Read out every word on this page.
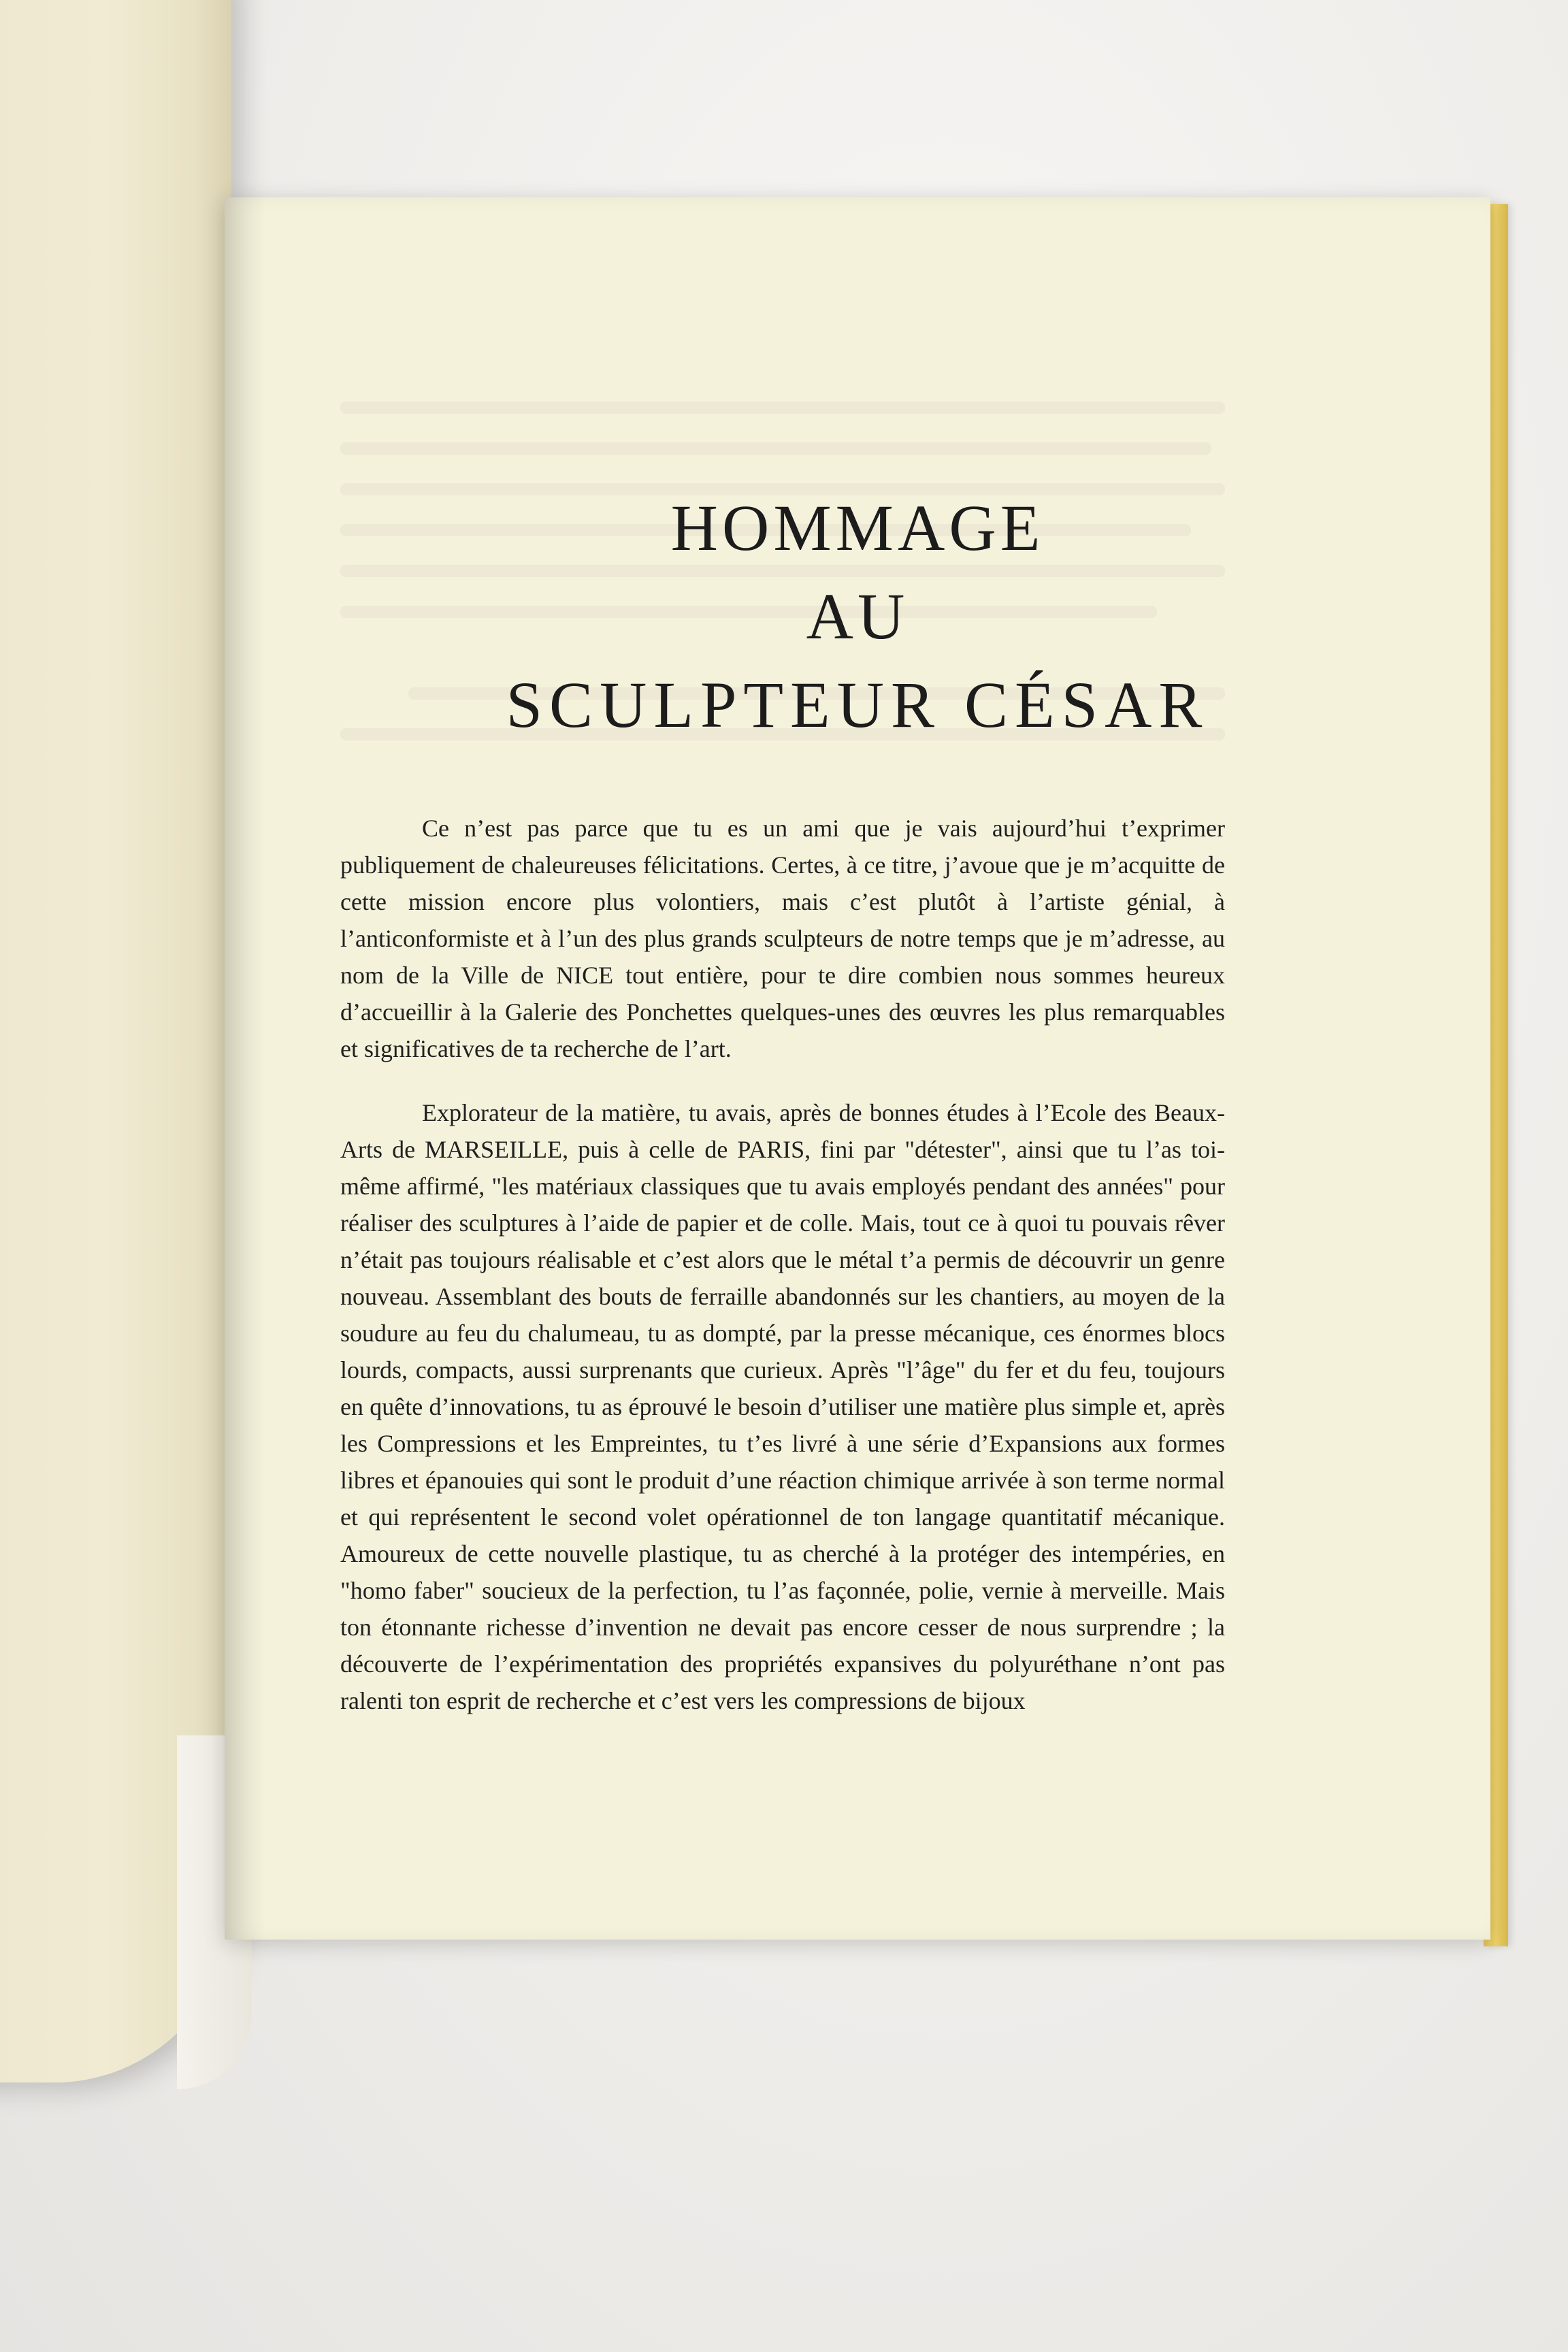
HOMMAGE
AU
SCULPTEUR CÉSAR

Ce n’est pas parce que tu es un ami que je vais aujourd’hui t’exprimer publiquement de chaleureuses félicitations. Certes, à ce titre, j’avoue que je m’acquitte de cette mission encore plus volontiers, mais c’est plutôt à l’artiste génial, à l’anticonformiste et à l’un des plus grands sculpteurs de notre temps que je m’adresse, au nom de la Ville de NICE tout entière, pour te dire combien nous sommes heureux d’accueillir à la Galerie des Ponchettes quelques-unes des œuvres les plus remarquables et significatives de ta recherche de l’art.

Explorateur de la matière, tu avais, après de bonnes études à l’Ecole des Beaux-Arts de MARSEILLE, puis à celle de PARIS, fini par "détester", ainsi que tu l’as toi-même affirmé, "les matériaux classiques que tu avais employés pendant des années" pour réaliser des sculptures à l’aide de papier et de colle. Mais, tout ce à quoi tu pouvais rêver n’était pas toujours réalisable et c’est alors que le métal t’a permis de découvrir un genre nouveau. Assemblant des bouts de ferraille abandonnés sur les chantiers, au moyen de la soudure au feu du chalumeau, tu as dompté, par la presse mécanique, ces énormes blocs lourds, compacts, aussi surprenants que curieux. Après "l’âge" du fer et du feu, toujours en quête d’innovations, tu as éprouvé le besoin d’utiliser une matière plus simple et, après les Compressions et les Empreintes, tu t’es livré à une série d’Expansions aux formes libres et épanouies qui sont le produit d’une réaction chimique arrivée à son terme normal et qui représentent le second volet opérationnel de ton langage quantitatif mécanique. Amoureux de cette nouvelle plastique, tu as cherché à la protéger des intempéries, en "homo faber" soucieux de la perfection, tu l’as façonnée, polie, vernie à merveille. Mais ton étonnante richesse d’invention ne devait pas encore cesser de nous surprendre ; la découverte de l’expérimentation des propriétés expansives du polyuréthane n’ont pas ralenti ton esprit de recherche et c’est vers les compressions de bijoux
